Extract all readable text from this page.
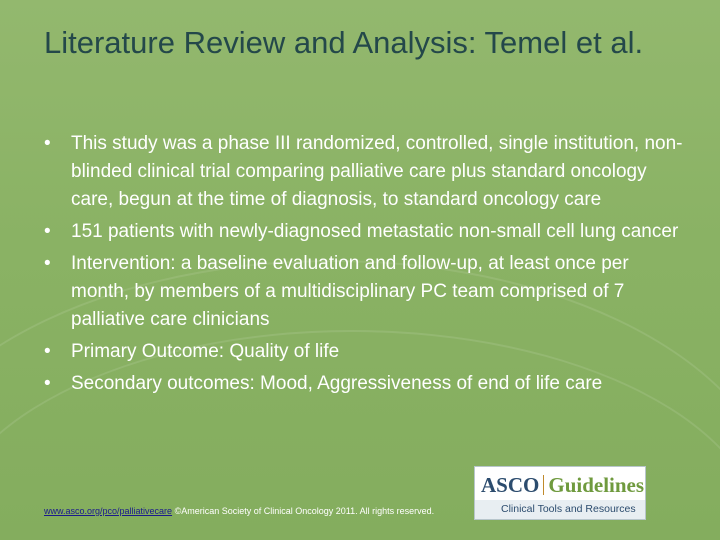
Literature Review and Analysis: Temel et al.
• This study was a phase III randomized, controlled, single institution, non-blinded clinical trial comparing palliative care plus standard oncology care, begun at the time of diagnosis, to standard oncology care
• 151 patients with newly-diagnosed metastatic non-small cell lung cancer
• Intervention: a baseline evaluation and follow-up, at least once per month, by members of a multidisciplinary PC team comprised of 7 palliative care clinicians
• Primary Outcome: Quality of life
• Secondary outcomes: Mood, Aggressiveness of end of life care
www.asco.org/pco/palliativecare ©American Society of Clinical Oncology 2011. All rights reserved.
ASCO Guidelines
Clinical Tools and Resources
